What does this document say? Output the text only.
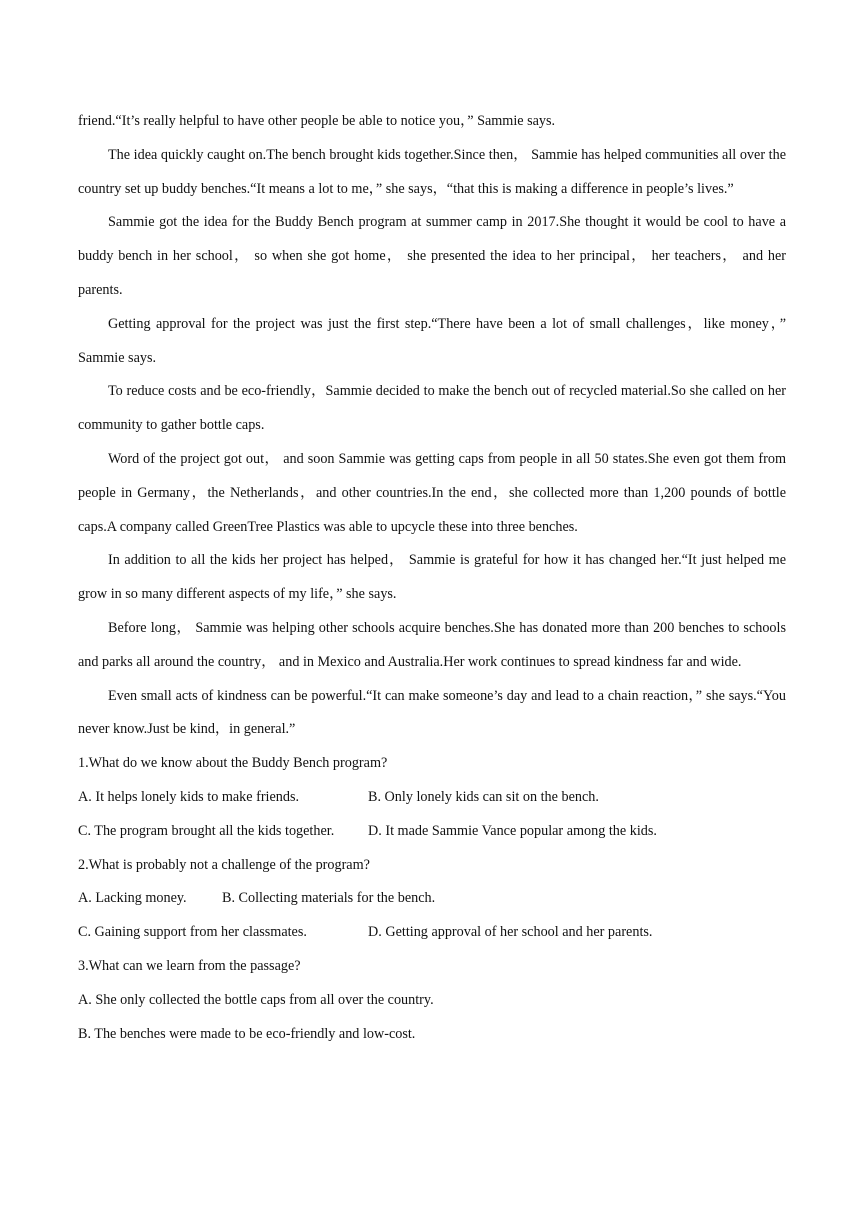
friend.“It’s really helpful to have other people be able to notice you，” Sammie says.
The idea quickly caught on.The bench brought kids together.Since then， Sammie has helped communities all over the country set up buddy benches.“It means a lot to me，” she says，“that this is making a difference in people’s lives.”
Sammie got the idea for the Buddy Bench program at summer camp in 2017.She thought it would be cool to have a buddy bench in her school， so when she got home， she presented the idea to her principal， her teachers， and her parents.
Getting approval for the project was just the first step.“There have been a lot of small challenges，like money，” Sammie says.
To reduce costs and be eco-friendly，Sammie decided to make the bench out of recycled material.So she called on her community to gather bottle caps.
Word of the project got out， and soon Sammie was getting caps from people in all 50 states.She even got them from people in Germany，the Netherlands，and other countries.In the end，she collected more than 1,200 pounds of bottle caps.A company called GreenTree Plastics was able to upcycle these into three benches.
In addition to all the kids her project has helped， Sammie is grateful for how it has changed her.“It just helped me grow in so many different aspects of my life，” she says.
Before long， Sammie was helping other schools acquire benches.She has donated more than 200 benches to schools and parks all around the country， and in Mexico and Australia.Her work continues to spread kindness far and wide.
Even small acts of kindness can be powerful.“It can make someone’s day and lead to a chain reaction，” she says.“You never know.Just be kind，in general.”
1.What do we know about the Buddy Bench program?
A. It helps lonely kids to make friends.	B. Only lonely kids can sit on the bench.
C. The program brought all the kids together.	D. It made Sammie Vance popular among the kids.
2.What is probably not a challenge of the program?
A. Lacking money.	B. Collecting materials for the bench.
C. Gaining support from her classmates.	D. Getting approval of her school and her parents.
3.What can we learn from the passage?
A. She only collected the bottle caps from all over the country.
B. The benches were made to be eco-friendly and low-cost.
